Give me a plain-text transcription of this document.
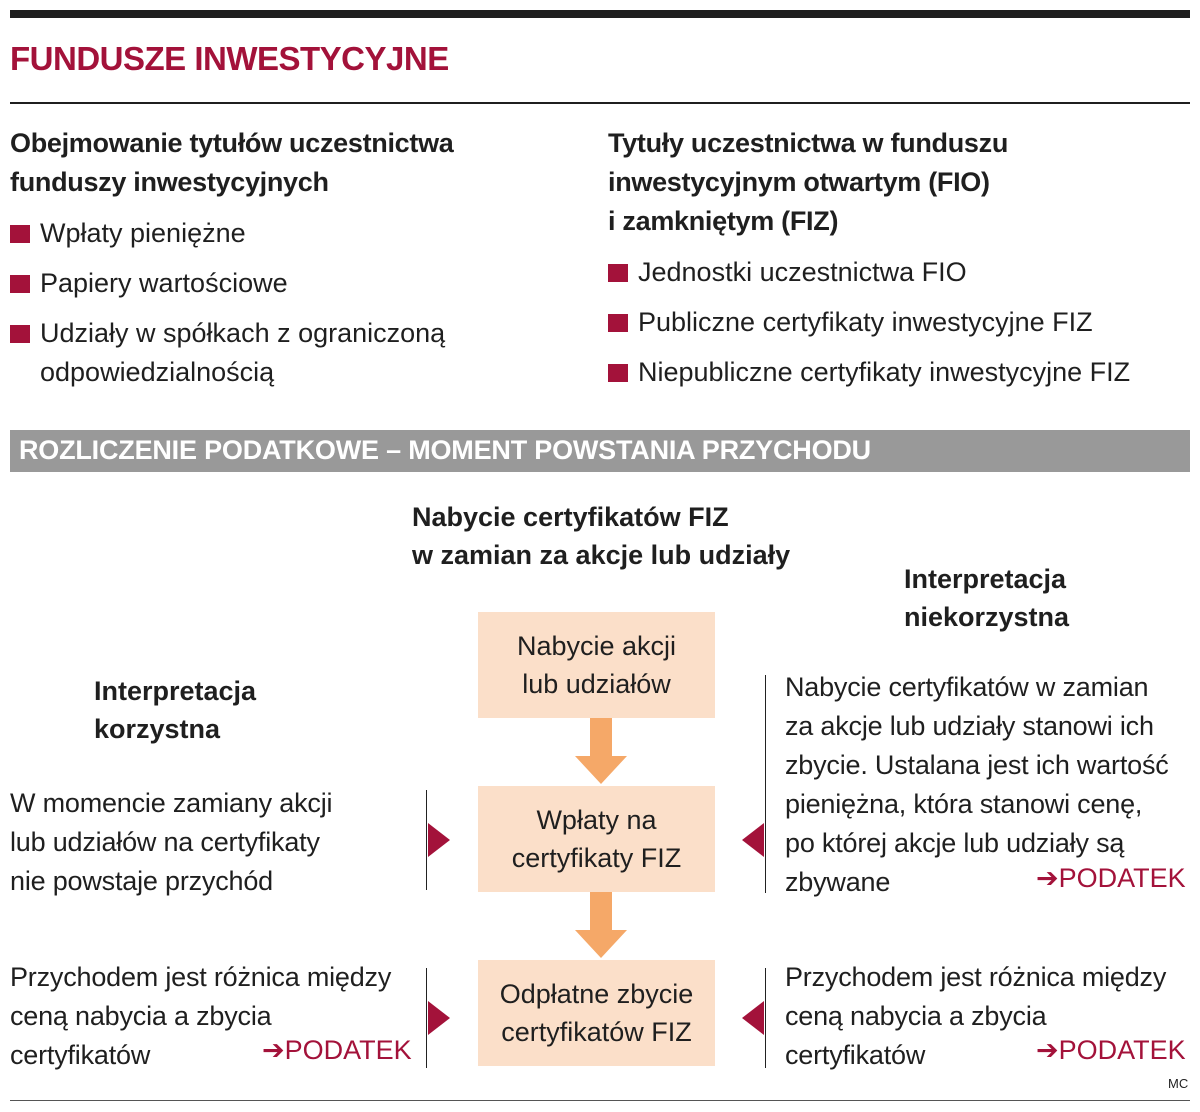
FUNDUSZE INWESTYCYJNE
Obejmowanie tytułów uczestnictwa
funduszy inwestycyjnych
Wpłaty pieniężne
Papiery wartościowe
Udziały w spółkach z ograniczoną
odpowiedzialnością
Tytuły uczestnictwa w funduszu
inwestycyjnym otwartym (FIO)
i zamkniętym (FIZ)
Jednostki uczestnictwa FIO
Publiczne certyfikaty inwestycyjne FIZ
Niepubliczne certyfikaty inwestycyjne FIZ
ROZLICZENIE PODATKOWE – MOMENT POWSTANIA PRZYCHODU
Nabycie certyfikatów FIZ
w zamian za akcje lub udziały
Interpretacja
korzystna
Interpretacja
niekorzystna
Nabycie akcji
lub udziałów
Wpłaty na
certyfikaty FIZ
Odpłatne zbycie
certyfikatów FIZ
W momencie zamiany akcji
lub udziałów na certyfikaty
nie powstaje przychód
Przychodem jest różnica między
ceną nabycia a zbycia
certyfikatów	➔PODATEK
Nabycie certyfikatów w zamian
za akcje lub udziały stanowi ich
zbycie. Ustalana jest ich wartość
pieniężna, która stanowi cenę,
po której akcje lub udziały są
zbywane	➔PODATEK
Przychodem jest różnica między
ceną nabycia a zbycia
certyfikatów	➔PODATEK
MC
